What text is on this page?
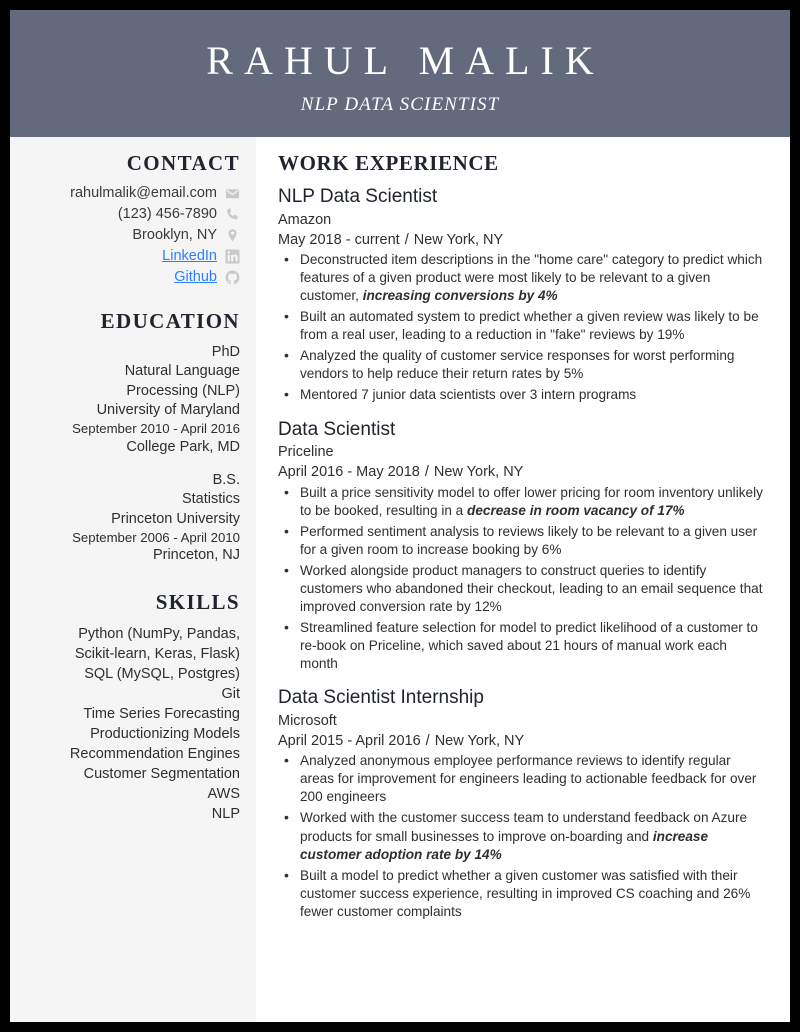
RAHUL MALIK
NLP DATA SCIENTIST
CONTACT
rahulmalik@email.com
(123) 456-7890
Brooklyn, NY
LinkedIn
Github
EDUCATION
PhD
Natural Language
Processing (NLP)
University of Maryland
September 2010 - April 2016
College Park, MD
B.S.
Statistics
Princeton University
September 2006 - April 2010
Princeton, NJ
SKILLS
Python (NumPy, Pandas,
Scikit-learn, Keras, Flask)
SQL (MySQL, Postgres)
Git
Time Series Forecasting
Productionizing Models
Recommendation Engines
Customer Segmentation
AWS
NLP
WORK EXPERIENCE
NLP Data Scientist
Amazon
May 2018 - current / New York, NY
• Deconstructed item descriptions in the "home care" category to predict which features of a given product were most likely to be relevant to a given customer, increasing conversions by 4%
• Built an automated system to predict whether a given review was likely to be from a real user, leading to a reduction in "fake" reviews by 19%
• Analyzed the quality of customer service responses for worst performing vendors to help reduce their return rates by 5%
• Mentored 7 junior data scientists over 3 intern programs
Data Scientist
Priceline
April 2016 - May 2018 / New York, NY
• Built a price sensitivity model to offer lower pricing for room inventory unlikely to be booked, resulting in a decrease in room vacancy of 17%
• Performed sentiment analysis to reviews likely to be relevant to a given user for a given room to increase booking by 6%
• Worked alongside product managers to construct queries to identify customers who abandoned their checkout, leading to an email sequence that improved conversion rate by 12%
• Streamlined feature selection for model to predict likelihood of a customer to re-book on Priceline, which saved about 21 hours of manual work each month
Data Scientist Internship
Microsoft
April 2015 - April 2016 / New York, NY
• Analyzed anonymous employee performance reviews to identify regular areas for improvement for engineers leading to actionable feedback for over 200 engineers
• Worked with the customer success team to understand feedback on Azure products for small businesses to improve on-boarding and increase customer adoption rate by 14%
• Built a model to predict whether a given customer was satisfied with their customer success experience, resulting in improved CS coaching and 26% fewer customer complaints
